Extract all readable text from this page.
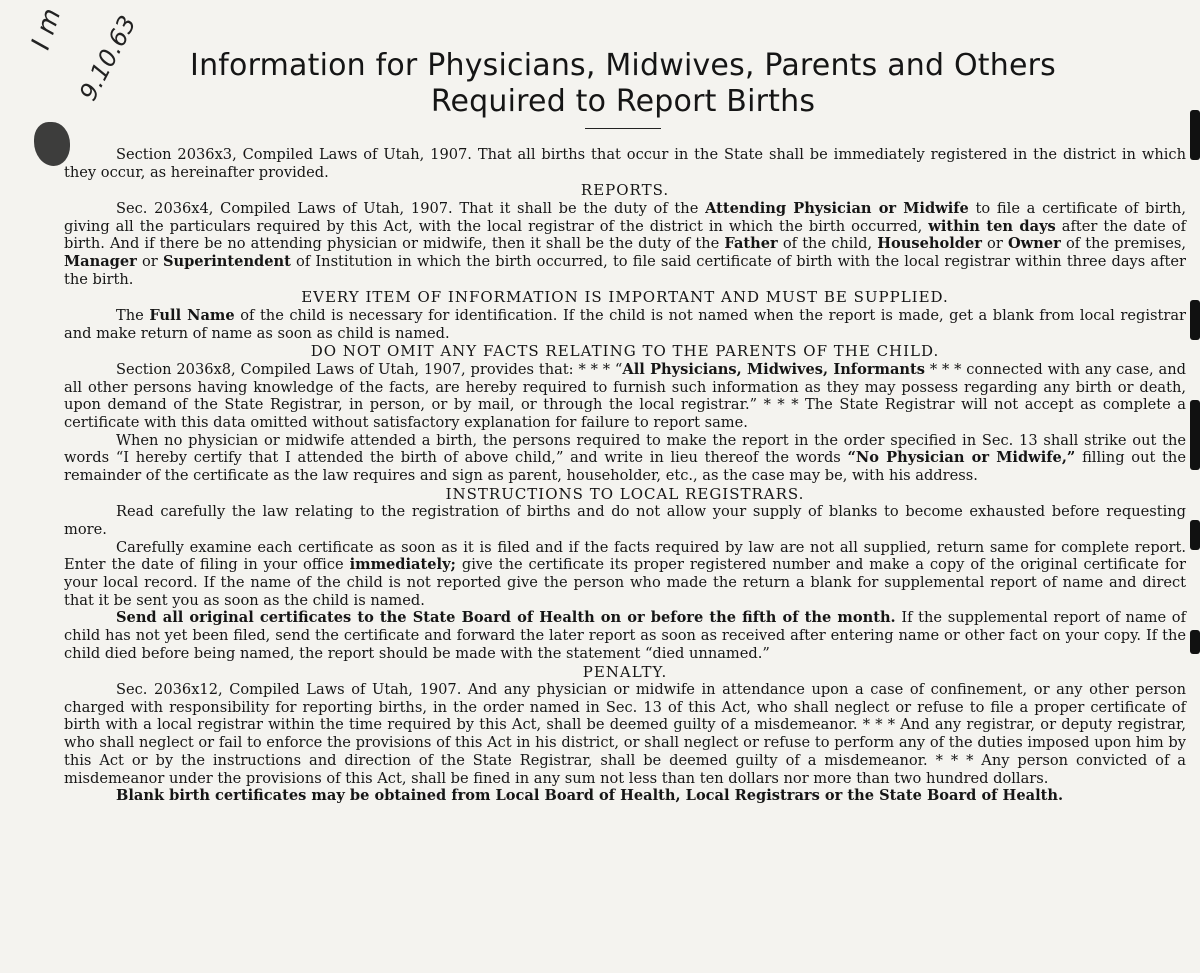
I m 9.10.63	Information for Physicians, Midwives, Parents and Others
Required to Report Births

Section 2036x3, Compiled Laws of Utah, 1907. That all births that occur in the State shall be immediately registered in the district in which they occur, as hereinafter provided.

REPORTS.

Sec. 2036x4, Compiled Laws of Utah, 1907. That it shall be the duty of the Attending Physician or Midwife to file a certificate of birth, giving all the particulars required by this Act, with the local registrar of the district in which the birth occurred, within ten days after the date of birth. And if there be no attending physician or midwife, then it shall be the duty of the Father of the child, Householder or Owner of the premises, Manager or Superintendent of Institution in which the birth occurred, to file said certificate of birth with the local registrar within three days after the birth.

EVERY ITEM OF INFORMATION IS IMPORTANT AND MUST BE SUPPLIED.

The Full Name of the child is necessary for identification. If the child is not named when the report is made, get a blank from local registrar and make return of name as soon as child is named.

DO NOT OMIT ANY FACTS RELATING TO THE PARENTS OF THE CHILD.

Section 2036x8, Compiled Laws of Utah, 1907, provides that: * * * “All Physicians, Midwives, Informants * * * connected with any case, and all other persons having knowledge of the facts, are hereby required to furnish such information as they may possess regarding any birth or death, upon demand of the State Registrar, in person, or by mail, or through the local registrar.” * * * The State Registrar will not accept as complete a certificate with this data omitted without satisfactory explanation for failure to report same.

When no physician or midwife attended a birth, the persons required to make the report in the order specified in Sec. 13 shall strike out the words “I hereby certify that I attended the birth of above child,” and write in lieu thereof the words “No Physician or Midwife,” filling out the remainder of the certificate as the law requires and sign as parent, householder, etc., as the case may be, with his address.

INSTRUCTIONS TO LOCAL REGISTRARS.

Read carefully the law relating to the registration of births and do not allow your supply of blanks to become exhausted before requesting more.

Carefully examine each certificate as soon as it is filed and if the facts required by law are not all supplied, return same for complete report. Enter the date of filing in your office immediately; give the certificate its proper registered number and make a copy of the original certificate for your local record. If the name of the child is not reported give the person who made the return a blank for supplemental report of name and direct that it be sent you as soon as the child is named.

Send all original certificates to the State Board of Health on or before the fifth of the month. If the supplemental report of name of child has not yet been filed, send the certificate and forward the later report as soon as received after entering name or other fact on your copy. If the child died before being named, the report should be made with the statement “died unnamed.”

PENALTY.

Sec. 2036x12, Compiled Laws of Utah, 1907. And any physician or midwife in attendance upon a case of confinement, or any other person charged with responsibility for reporting births, in the order named in Sec. 13 of this Act, who shall neglect or refuse to file a proper certificate of birth with a local registrar within the time required by this Act, shall be deemed guilty of a misdemeanor. * * * And any registrar, or deputy registrar, who shall neglect or fail to enforce the provisions of this Act in his district, or shall neglect or refuse to perform any of the duties imposed upon him by this Act or by the instructions and direction of the State Registrar, shall be deemed guilty of a misdemeanor. * * * Any person convicted of a misdemeanor under the provisions of this Act, shall be fined in any sum not less than ten dollars nor more than two hundred dollars.

Blank birth certificates may be obtained from Local Board of Health, Local Registrars or the State Board of Health.
